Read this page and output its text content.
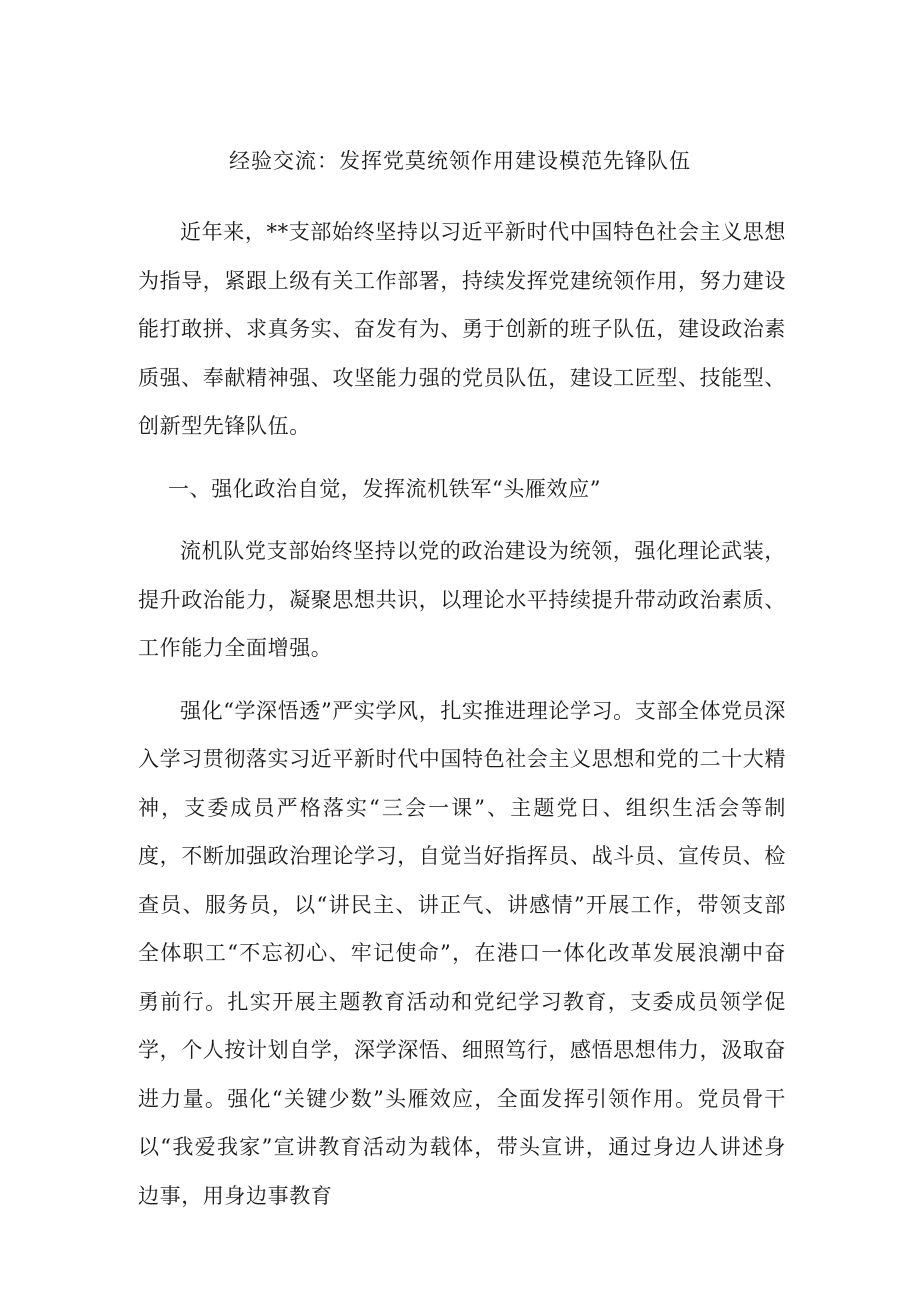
经验交流：发挥党莫统领作用建设模范先锋队伍

近年来，**支部始终坚持以习近平新时代中国特色社会主义思想为指导，紧跟上级有关工作部署，持续发挥党建统领作用，努力建设能打敢拼、求真务实、奋发有为、勇于创新的班子队伍，建设政治素质强、奉献精神强、攻坚能力强的党员队伍，建设工匠型、技能型、创新型先锋队伍。

一、强化政治自觉，发挥流机铁军“头雁效应”

流机队党支部始终坚持以党的政治建设为统领，强化理论武装，提升政治能力，凝聚思想共识，以理论水平持续提升带动政治素质、工作能力全面增强。

强化“学深悟透”严实学风，扎实推进理论学习。支部全体党员深入学习贯彻落实习近平新时代中国特色社会主义思想和党的二十大精神，支委成员严格落实“三会一课”、主题党日、组织生活会等制度，不断加强政治理论学习，自觉当好指挥员、战斗员、宣传员、检查员、服务员，以“讲民主、讲正气、讲感情”开展工作，带领支部全体职工“不忘初心、牢记使命”，在港口一体化改革发展浪潮中奋勇前行。扎实开展主题教育活动和党纪学习教育，支委成员领学促学，个人按计划自学，深学深悟、细照笃行，感悟思想伟力，汲取奋进力量。强化“关键少数”头雁效应，全面发挥引领作用。党员骨干以“我爱我家”宣讲教育活动为载体，带头宣讲，通过身边人讲述身边事，用身边事教育
